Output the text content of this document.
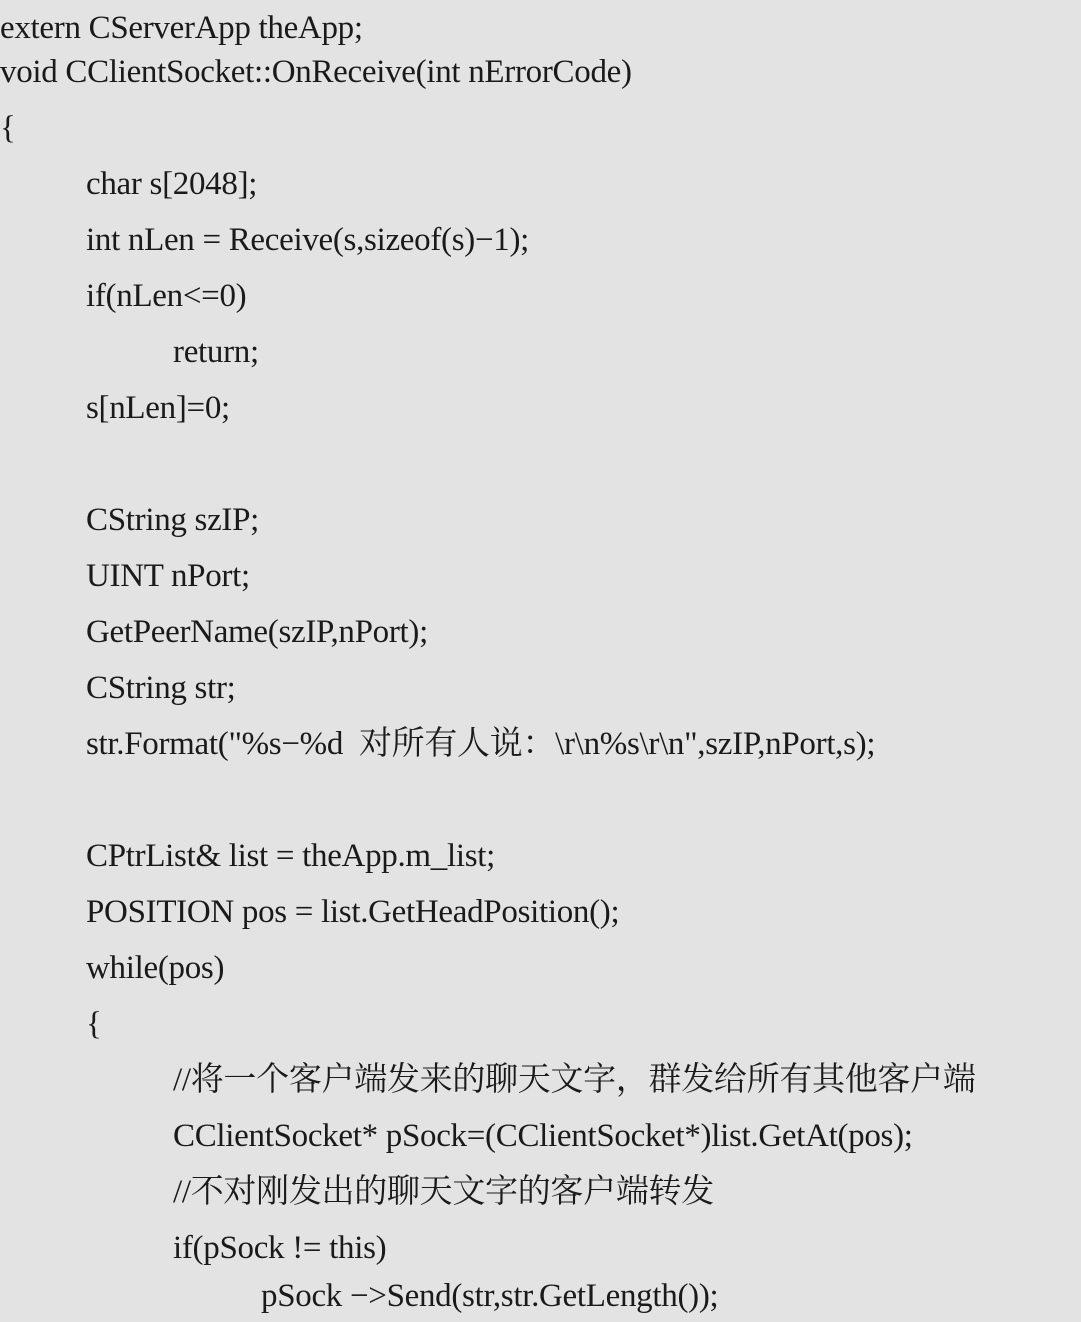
extern CServerApp theApp;
void CClientSocket::OnReceive(int nErrorCode)
{
char s[2048];
int nLen = Receive(s,sizeof(s)−1);
if(nLen<=0)
return;
s[nLen]=0;
CString szIP;
UINT nPort;
GetPeerName(szIP,nPort);
CString str;
str.Format("%s−%d  对所有人说：\r\n%s\r\n",szIP,nPort,s);
CPtrList& list = theApp.m_list;
POSITION pos = list.GetHeadPosition();
while(pos)
{
//将一个客户端发来的聊天文字，群发给所有其他客户端
CClientSocket* pSock=(CClientSocket*)list.GetAt(pos);
//不对刚发出的聊天文字的客户端转发
if(pSock != this)
pSock −>Send(str,str.GetLength());
